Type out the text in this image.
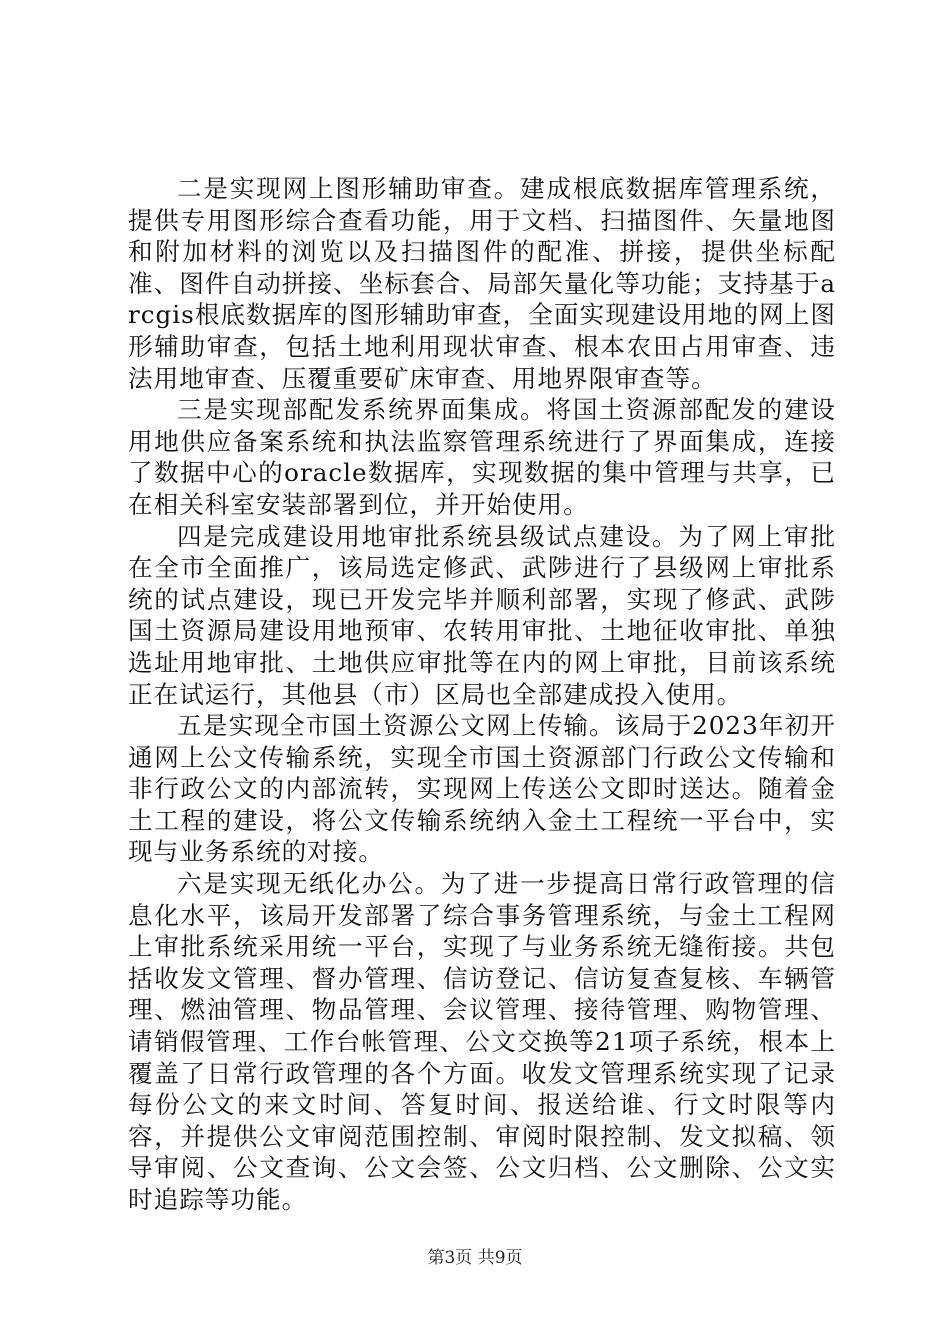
二是实现网上图形辅助审查。建成根底数据库管理系统，提供专用图形综合查看功能，用于文档、扫描图件、矢量地图和附加材料的浏览以及扫描图件的配准、拼接，提供坐标配准、图件自动拼接、坐标套合、局部矢量化等功能；支持基于arcgis根底数据库的图形辅助审查，全面实现建设用地的网上图形辅助审查，包括土地利用现状审查、根本农田占用审查、违法用地审查、压覆重要矿床审查、用地界限审查等。

三是实现部配发系统界面集成。将国土资源部配发的建设用地供应备案系统和执法监察管理系统进行了界面集成，连接了数据中心的oracle数据库，实现数据的集中管理与共享，已在相关科室安装部署到位，并开始使用。

四是完成建设用地审批系统县级试点建设。为了网上审批在全市全面推广，该局选定修武、武陟进行了县级网上审批系统的试点建设，现已开发完毕并顺利部署，实现了修武、武陟国土资源局建设用地预审、农转用审批、土地征收审批、单独选址用地审批、土地供应审批等在内的网上审批，目前该系统正在试运行，其他县（市）区局也全部建成投入使用。

五是实现全市国土资源公文网上传输。该局于2023年初开通网上公文传输系统，实现全市国土资源部门行政公文传输和非行政公文的内部流转，实现网上传送公文即时送达。随着金土工程的建设，将公文传输系统纳入金土工程统一平台中，实现与业务系统的对接。

六是实现无纸化办公。为了进一步提高日常行政管理的信息化水平，该局开发部署了综合事务管理系统，与金土工程网上审批系统采用统一平台，实现了与业务系统无缝衔接。共包括收发文管理、督办管理、信访登记、信访复查复核、车辆管理、燃油管理、物品管理、会议管理、接待管理、购物管理、请销假管理、工作台帐管理、公文交换等21项子系统，根本上覆盖了日常行政管理的各个方面。收发文管理系统实现了记录每份公文的来文时间、答复时间、报送给谁、行文时限等内容，并提供公文审阅范围控制、审阅时限控制、发文拟稿、领导审阅、公文查询、公文会签、公文归档、公文删除、公文实时追踪等功能。

第3页 共9页
